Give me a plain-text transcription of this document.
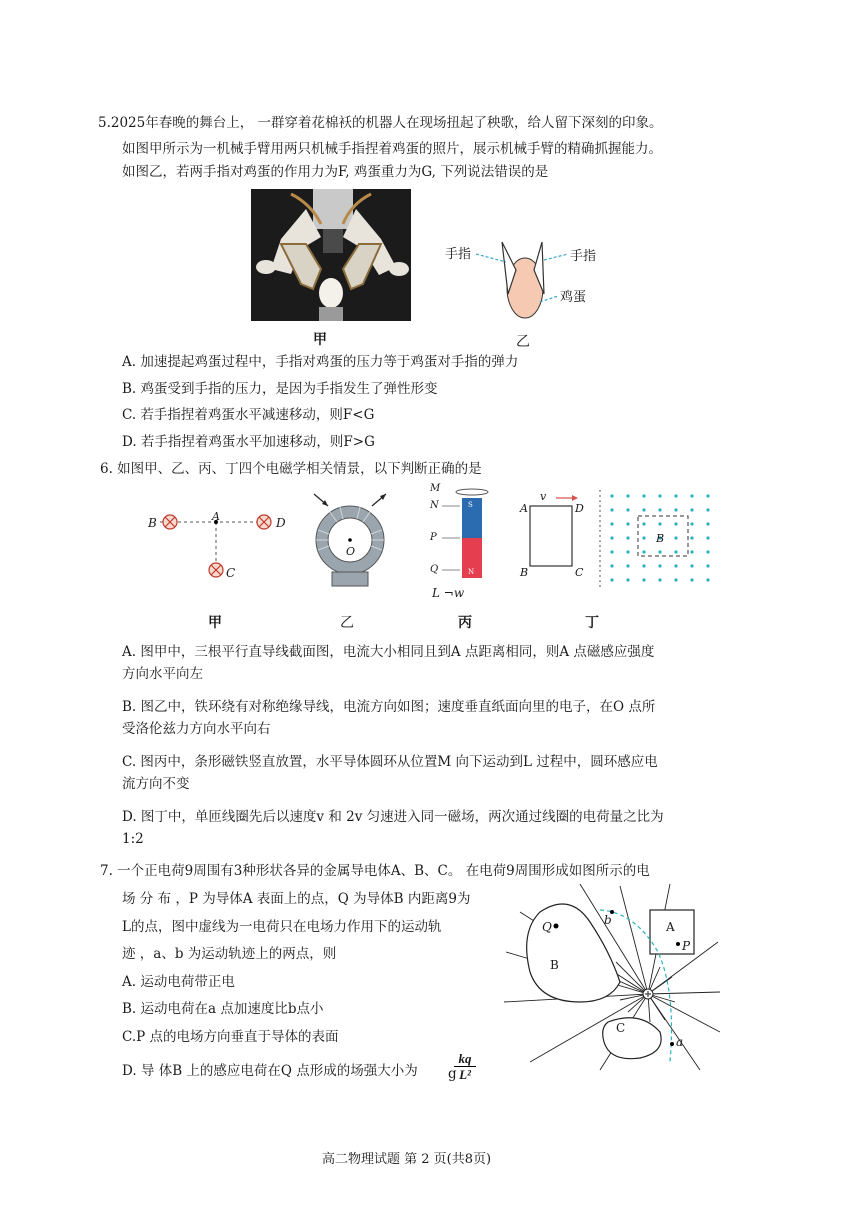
5.2025年春晚的舞台上， 一群穿着花棉袄的机器人在现场扭起了秧歌，给人留下深刻的印象。
如图甲所示为一机械手臂用两只机械手指捏着鸡蛋的照片，展示机械手臂的精确抓握能力。
如图乙，若两手指对鸡蛋的作用力为F, 鸡蛋重力为G, 下列说法错误的是
甲
手指	手指
鸡蛋
乙
A. 加速提起鸡蛋过程中，手指对鸡蛋的压力等于鸡蛋对手指的弹力
B. 鸡蛋受到手指的压力，是因为手指发生了弹性形变
C. 若手指捏着鸡蛋水平减速移动，则F<G
D. 若手指捏着鸡蛋水平加速移动，则F>G
6. 如图甲、乙、丙、丁四个电磁学相关情景，以下判断正确的是
B	A	D
C
O
M
N
P
Q
S
N
L ¬w
v
A	D
B	C
B
甲	乙	丙	丁
A. 图甲中，三根平行直导线截面图，电流大小相同且到A 点距离相同，则A 点磁感应强度
方向水平向左
B. 图乙中，铁环绕有对称绝缘导线，电流方向如图；速度垂直纸面向里的电子，在O 点所
受洛伦兹力方向水平向右
C. 图丙中，条形磁铁竖直放置，水平导体圆环从位置M 向下运动到L 过程中，圆环感应电
流方向不变
D. 图丁中，单匝线圈先后以速度v 和 2v 匀速进入同一磁场，两次通过线圈的电荷量之比为
1:2
7. 一个正电荷9周围有3种形状各异的金属导电体A、B、C。 在电荷9周围形成如图所示的电
场 分 布 ，P 为导体A 表面上的点，Q 为导体B 内距离9为
L的点，图中虚线为一电荷只在电场力作用下的运动轨
迹 ，a、b 为运动轨迹上的两点，则
A. 运动电荷带正电
B. 运动电荷在a 点加速度比b点小
C.P 点的电场方向垂直于导体的表面
D. 导 体B 上的感应电荷在Q 点形成的场强大小为 g
kq
L²
Q	b	A
P
B
C
a
高二物理试题 第 2 页(共8页)
